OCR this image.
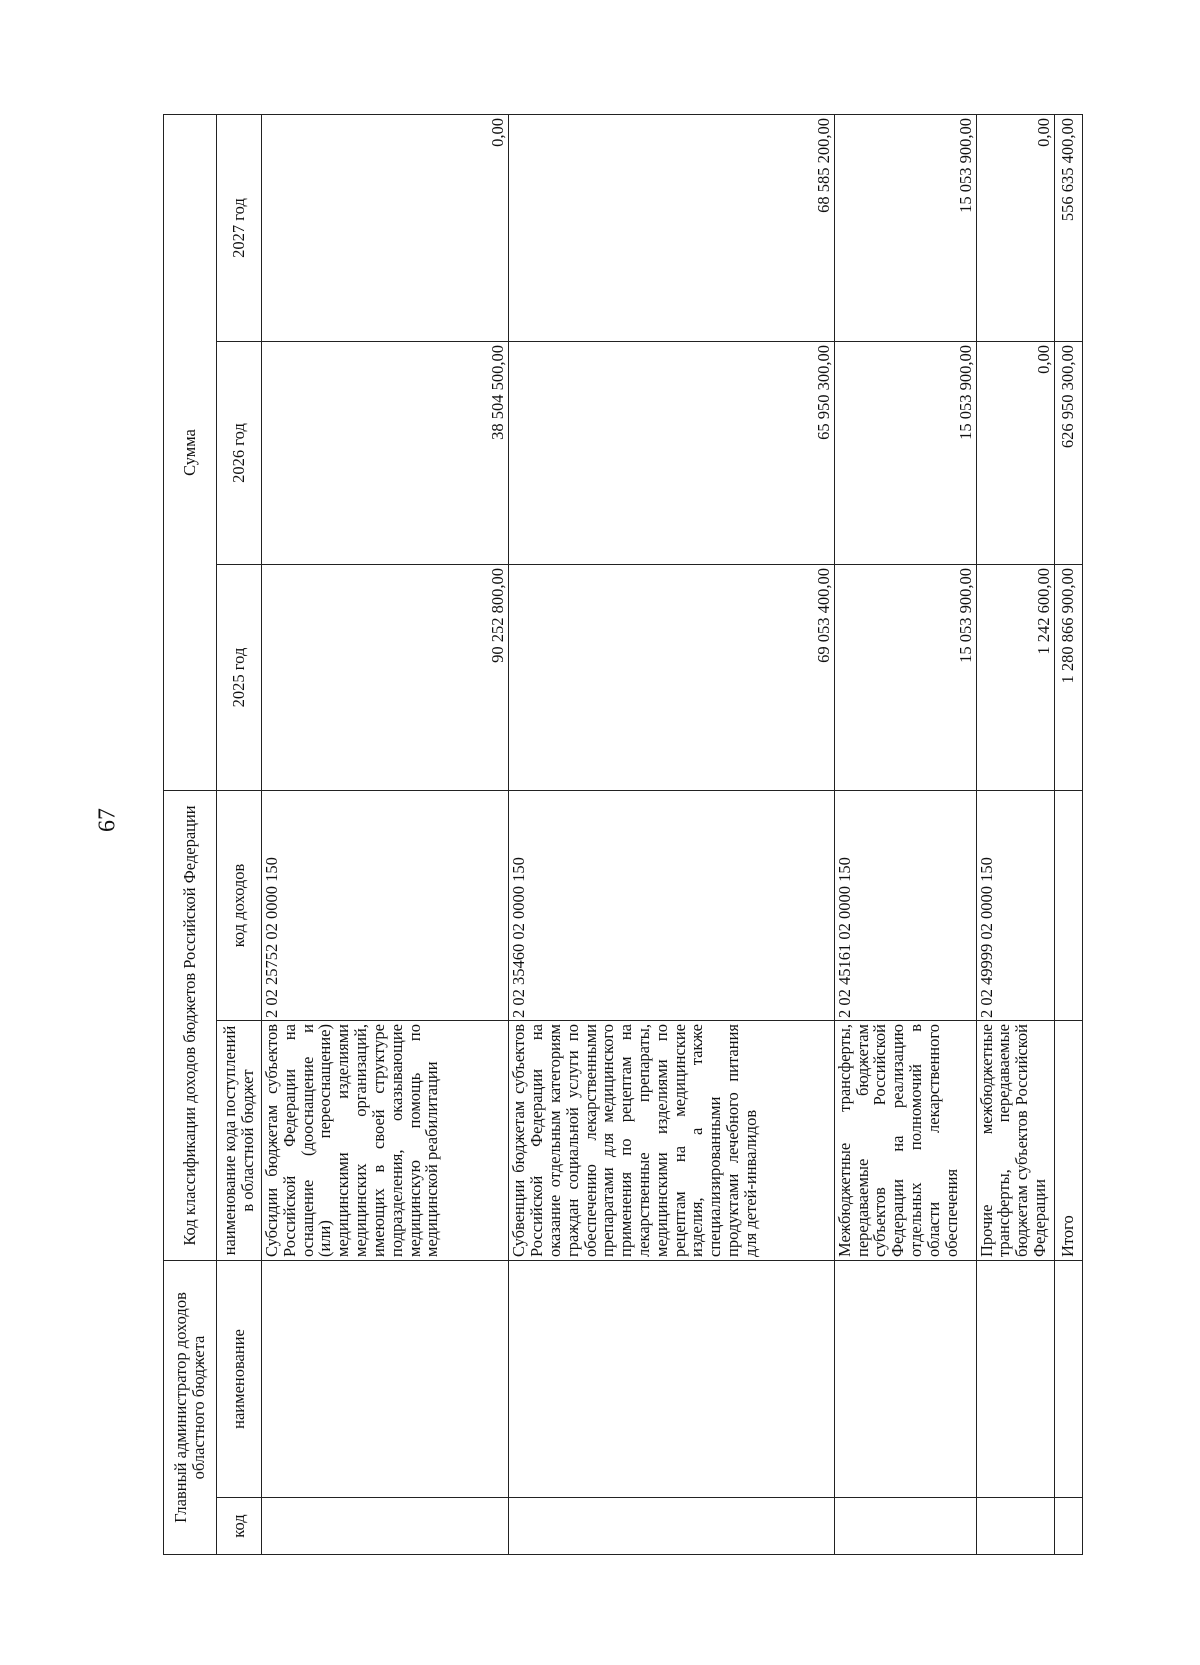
67
Главный администратор доходов областного бюджета		Код классификации доходов бюджетов Российской Федерации		Сумма		
код	наименование	наименование кода поступлений в областной бюджет	код доходов	2025 год	2026 год	2027 год
		Субсидии бюджетам субъектов Российской Федерации на оснащение (дооснащение и (или) переоснащение) медицинскими изделиями медицинских организаций, имеющих в своей структуре подразделения, оказывающие медицинскую помощь по медицинской реабилитации	2 02 25752 02 0000 150	90 252 800,00	38 504 500,00	0,00
		Субвенции бюджетам субъектов Российской Федерации на оказание отдельным категориям граждан социальной услуги по обеспечению лекарственными препаратами для медицинского применения по рецептам на лекарственные препараты, медицинскими изделиями по рецептам на медицинские изделия, а также специализированными продуктами лечебного питания для детей-инвалидов	2 02 35460 02 0000 150	69 053 400,00	65 950 300,00	68 585 200,00
		Межбюджетные трансферты, передаваемые бюджетам субъектов Российской Федерации на реализацию отдельных полномочий в области лекарственного обеспечения	2 02 45161 02 0000 150	15 053 900,00	15 053 900,00	15 053 900,00
		Прочие межбюджетные трансферты, передаваемые бюджетам субъектов Российской Федерации	2 02 49999 02 0000 150	1 242 600,00	0,00	0,00
		Итого		1 280 866 900,00	626 950 300,00	556 635 400,00
